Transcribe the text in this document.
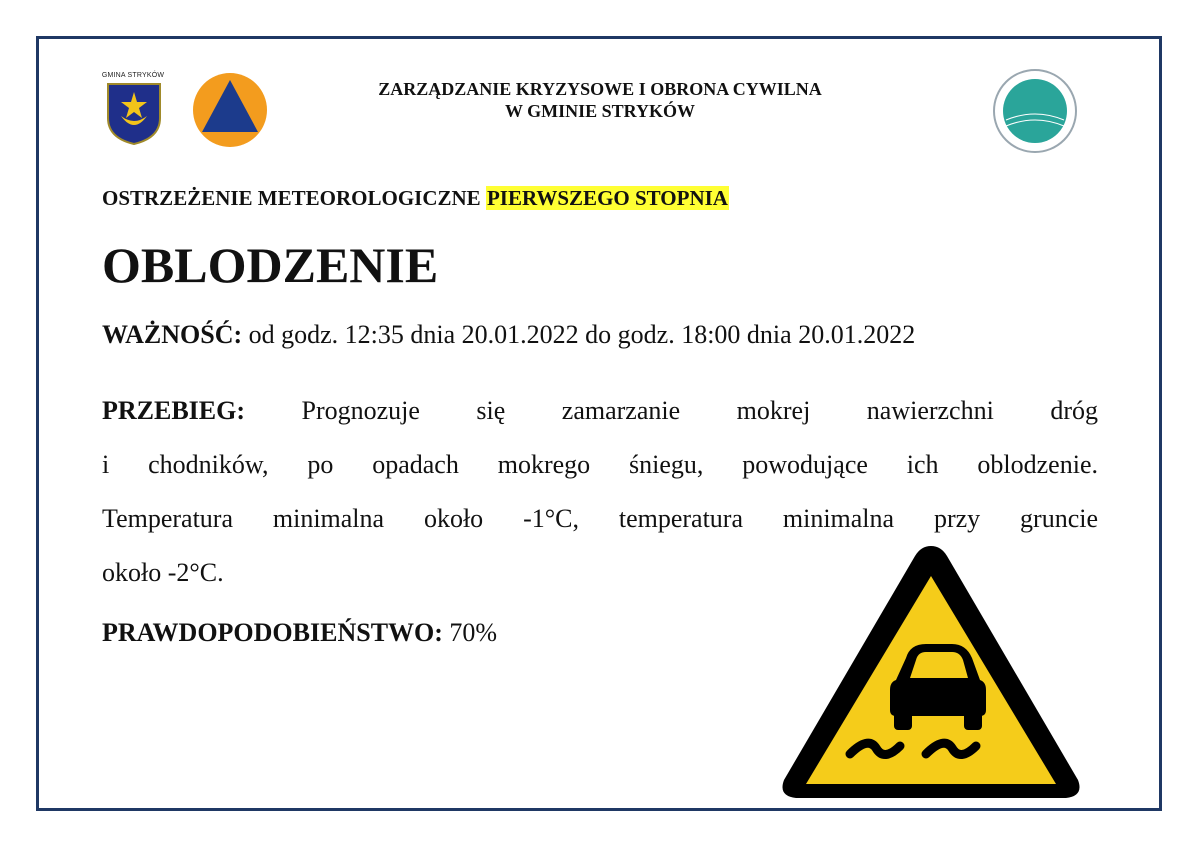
GMINA STRYKÓW
ZARZĄDZANIE KRYZYSOWE I OBRONA CYWILNA
W GMINIE STRYKÓW
OSTRZEŻENIE METEOROLOGICZNE PIERWSZEGO STOPNIA
OBLODZENIE
WAŻNOŚĆ: od godz. 12:35 dnia 20.01.2022 do godz. 18:00 dnia 20.01.2022
PRZEBIEG: Prognozuje się zamarzanie mokrej nawierzchni dróg
i chodników, po opadach mokrego śniegu, powodujące ich oblodzenie.
Temperatura minimalna około -1°C, temperatura minimalna przy gruncie
około -2°C.
PRAWDOPODOBIEŃSTWO: 70%
